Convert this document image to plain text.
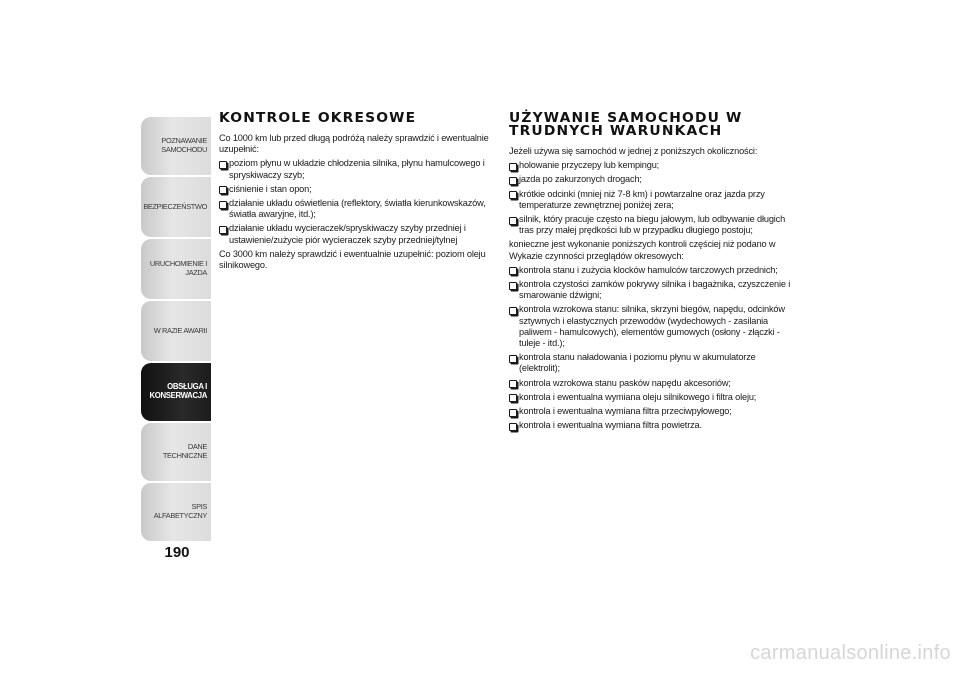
POZNAWANIE SAMOCHODU
BEZPIECZEŃSTWO
URUCHOMIENIE I JAZDA
W RAZIE AWARII
OBSŁUGA I KONSERWACJA
DANE TECHNICZNE
SPIS ALFABETYCZNY
190
KONTROLE OKRESOWE

Co 1000 km lub przed długą podróżą należy sprawdzić i ewentualnie uzupełnić:

poziom płynu w układzie chłodzenia silnika, płynu hamulcowego i spryskiwaczy szyb;
ciśnienie i stan opon;
działanie układu oświetlenia (reflektory, światła kierunkowskazów, światła awaryjne, itd.);
działanie układu wycieraczek/spryskiwaczy szyby przedniej i ustawienie/zużycie piór wycieraczek szyby przedniej/tylnej

Co 3000 km należy sprawdzić i ewentualnie uzupełnić: poziom oleju silnikowego.

UŻYWANIE SAMOCHODU W
TRUDNYCH WARUNKACH

Jeżeli używa się samochód w jednej z poniższych okoliczności:

holowanie przyczepy lub kempingu;
jazda po zakurzonych drogach;
krótkie odcinki (mniej niż 7-8 km) i powtarzalne oraz jazda przy temperaturze zewnętrznej poniżej zera;
silnik, który pracuje często na biegu jałowym, lub odbywanie długich tras przy małej prędkości lub w przypadku długiego postoju;

konieczne jest wykonanie poniższych kontroli częściej niż podano w Wykazie czynności przeglądów okresowych:

kontrola stanu i zużycia klocków hamulców tarczowych przednich;
kontrola czystości zamków pokrywy silnika i bagażnika, czyszczenie i smarowanie dźwigni;
kontrola wzrokowa stanu: silnika, skrzyni biegów, napędu, odcinków sztywnych i elastycznych przewodów (wydechowych - zasilania paliwem - hamulcowych), elementów gumowych (osłony - złączki - tuleje - itd.);
kontrola stanu naładowania i poziomu płynu w akumulatorze (elektrolit);
kontrola wzrokowa stanu pasków napędu akcesoriów;
kontrola i ewentualna wymiana oleju silnikowego i filtra oleju;
kontrola i ewentualna wymiana filtra przeciwpyłowego;
kontrola i ewentualna wymiana filtra powietrza.
carmanualsonline.info
